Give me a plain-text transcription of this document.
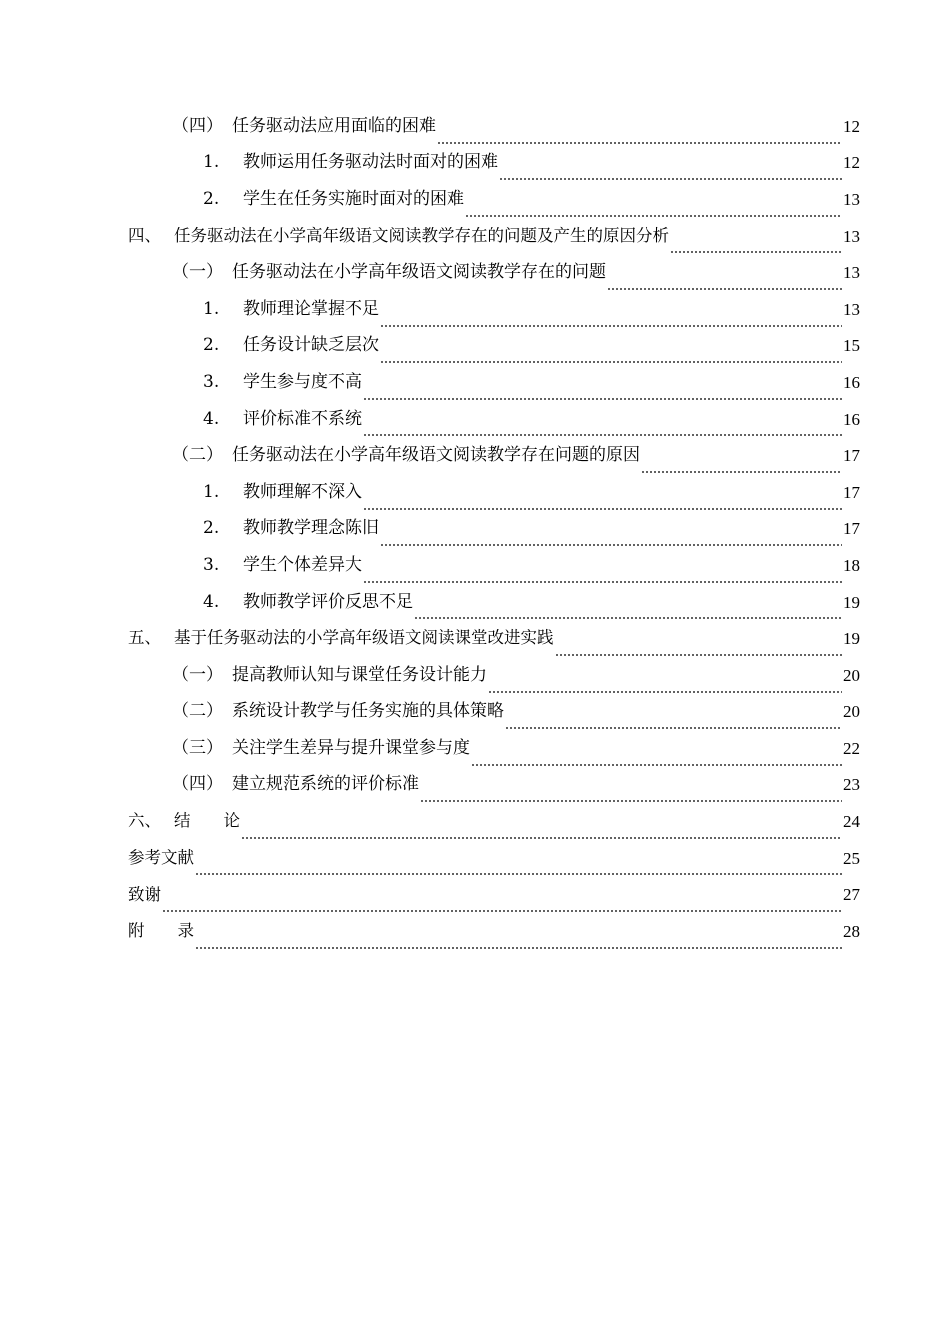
（四） 任务驱动法应用面临的困难	12
1.	教师运用任务驱动法时面对的困难	12
2.	学生在任务实施时面对的困难	13
四、 任务驱动法在小学高年级语文阅读教学存在的问题及产生的原因分析	13
（一） 任务驱动法在小学高年级语文阅读教学存在的问题	13
1.	教师理论掌握不足	13
2.	任务设计缺乏层次	15
3.	学生参与度不高	16
4.	评价标准不系统	16
（二） 任务驱动法在小学高年级语文阅读教学存在问题的原因	17
1.	教师理解不深入	17
2.	教师教学理念陈旧	17
3.	学生个体差异大	18
4.	教师教学评价反思不足	19
五、 基于任务驱动法的小学高年级语文阅读课堂改进实践	19
（一） 提高教师认知与课堂任务设计能力	20
（二） 系统设计教学与任务实施的具体策略	20
（三） 关注学生差异与提升课堂参与度	22
（四） 建立规范系统的评价标准	23
六、 结　　论	24
参考文献	25
致谢	27
附　　录	28
